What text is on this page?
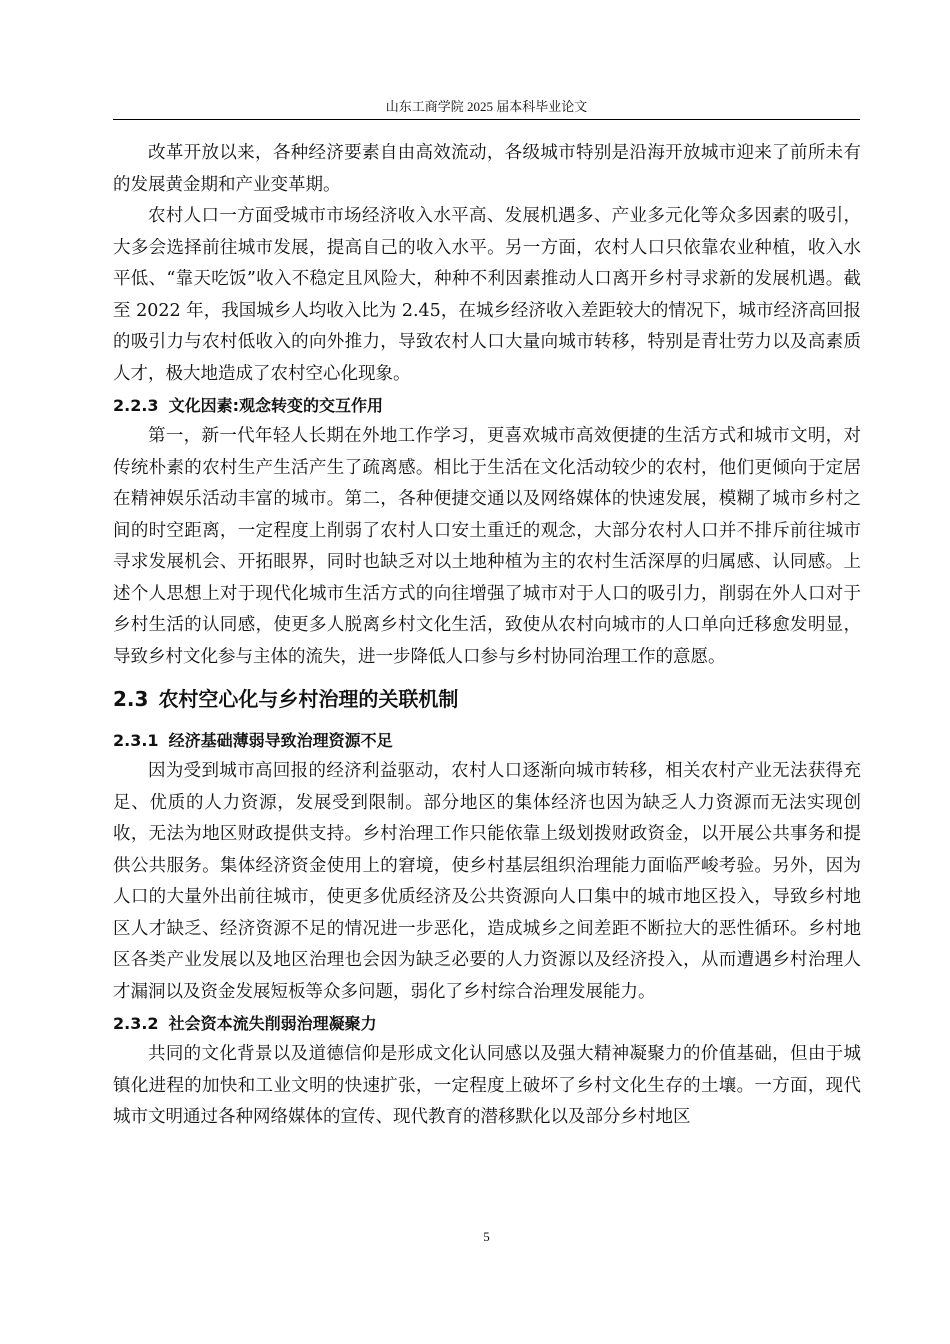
山东工商学院 2025 届本科毕业论文

改革开放以来，各种经济要素自由高效流动，各级城市特别是沿海开放城市迎来了前所未有的发展黄金期和产业变革期。

农村人口一方面受城市市场经济收入水平高、发展机遇多、产业多元化等众多因素的吸引，大多会选择前往城市发展，提高自己的收入水平。另一方面，农村人口只依靠农业种植，收入水平低、“靠天吃饭”收入不稳定且风险大，种种不利因素推动人口离开乡村寻求新的发展机遇。截至 2022 年，我国城乡人均收入比为 2.45，在城乡经济收入差距较大的情况下，城市经济高回报的吸引力与农村低收入的向外推力，导致农村人口大量向城市转移，特别是青壮劳力以及高素质人才，极大地造成了农村空心化现象。

2.2.3 文化因素:观念转变的交互作用

第一，新一代年轻人长期在外地工作学习，更喜欢城市高效便捷的生活方式和城市文明，对传统朴素的农村生产生活产生了疏离感。相比于生活在文化活动较少的农村，他们更倾向于定居在精神娱乐活动丰富的城市。第二，各种便捷交通以及网络媒体的快速发展，模糊了城市乡村之间的时空距离，一定程度上削弱了农村人口安土重迁的观念，大部分农村人口并不排斥前往城市寻求发展机会、开拓眼界，同时也缺乏对以土地种植为主的农村生活深厚的归属感、认同感。上述个人思想上对于现代化城市生活方式的向往增强了城市对于人口的吸引力，削弱在外人口对于乡村生活的认同感，使更多人脱离乡村文化生活，致使从农村向城市的人口单向迁移愈发明显，导致乡村文化参与主体的流失，进一步降低人口参与乡村协同治理工作的意愿。

2.3 农村空心化与乡村治理的关联机制
2.3.1 经济基础薄弱导致治理资源不足

因为受到城市高回报的经济利益驱动，农村人口逐渐向城市转移，相关农村产业无法获得充足、优质的人力资源，发展受到限制。部分地区的集体经济也因为缺乏人力资源而无法实现创收，无法为地区财政提供支持。乡村治理工作只能依靠上级划拨财政资金，以开展公共事务和提供公共服务。集体经济资金使用上的窘境，使乡村基层组织治理能力面临严峻考验。另外，因为人口的大量外出前往城市，使更多优质经济及公共资源向人口集中的城市地区投入，导致乡村地区人才缺乏、经济资源不足的情况进一步恶化，造成城乡之间差距不断拉大的恶性循环。乡村地区各类产业发展以及地区治理也会因为缺乏必要的人力资源以及经济投入，从而遭遇乡村治理人才漏洞以及资金发展短板等众多问题，弱化了乡村综合治理发展能力。

2.3.2 社会资本流失削弱治理凝聚力

共同的文化背景以及道德信仰是形成文化认同感以及强大精神凝聚力的价值基础，但由于城镇化进程的加快和工业文明的快速扩张，一定程度上破坏了乡村文化生存的土壤。一方面，现代城市文明通过各种网络媒体的宣传、现代教育的潜移默化以及部分乡村地区

5
